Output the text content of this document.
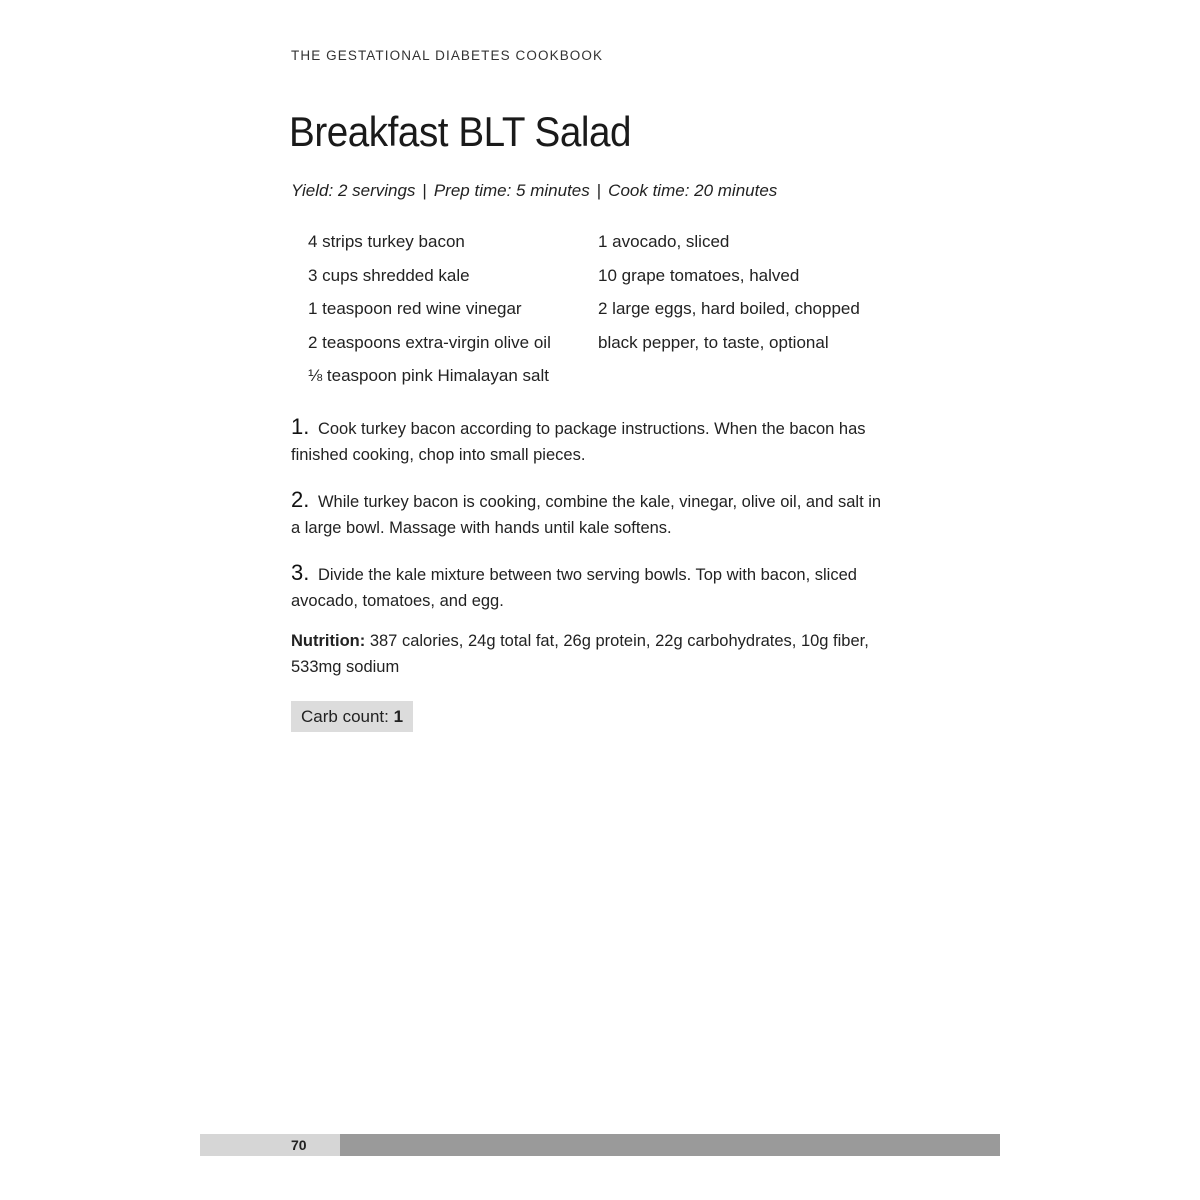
THE GESTATIONAL DIABETES COOKBOOK
Breakfast BLT Salad
Yield: 2 servings | Prep time: 5 minutes | Cook time: 20 minutes
4 strips turkey bacon
3 cups shredded kale
1 teaspoon red wine vinegar
2 teaspoons extra-virgin olive oil
⅛ teaspoon pink Himalayan salt
1 avocado, sliced
10 grape tomatoes, halved
2 large eggs, hard boiled, chopped
black pepper, to taste, optional

1. Cook turkey bacon according to package instructions. When the bacon has finished cooking, chop into small pieces.

2. While turkey bacon is cooking, combine the kale, vinegar, olive oil, and salt in a large bowl. Massage with hands until kale softens.

3. Divide the kale mixture between two serving bowls. Top with bacon, sliced avocado, tomatoes, and egg.

Nutrition: 387 calories, 24g total fat, 26g protein, 22g carbohydrates, 10g fiber, 533mg sodium
Carb count: 1
70
